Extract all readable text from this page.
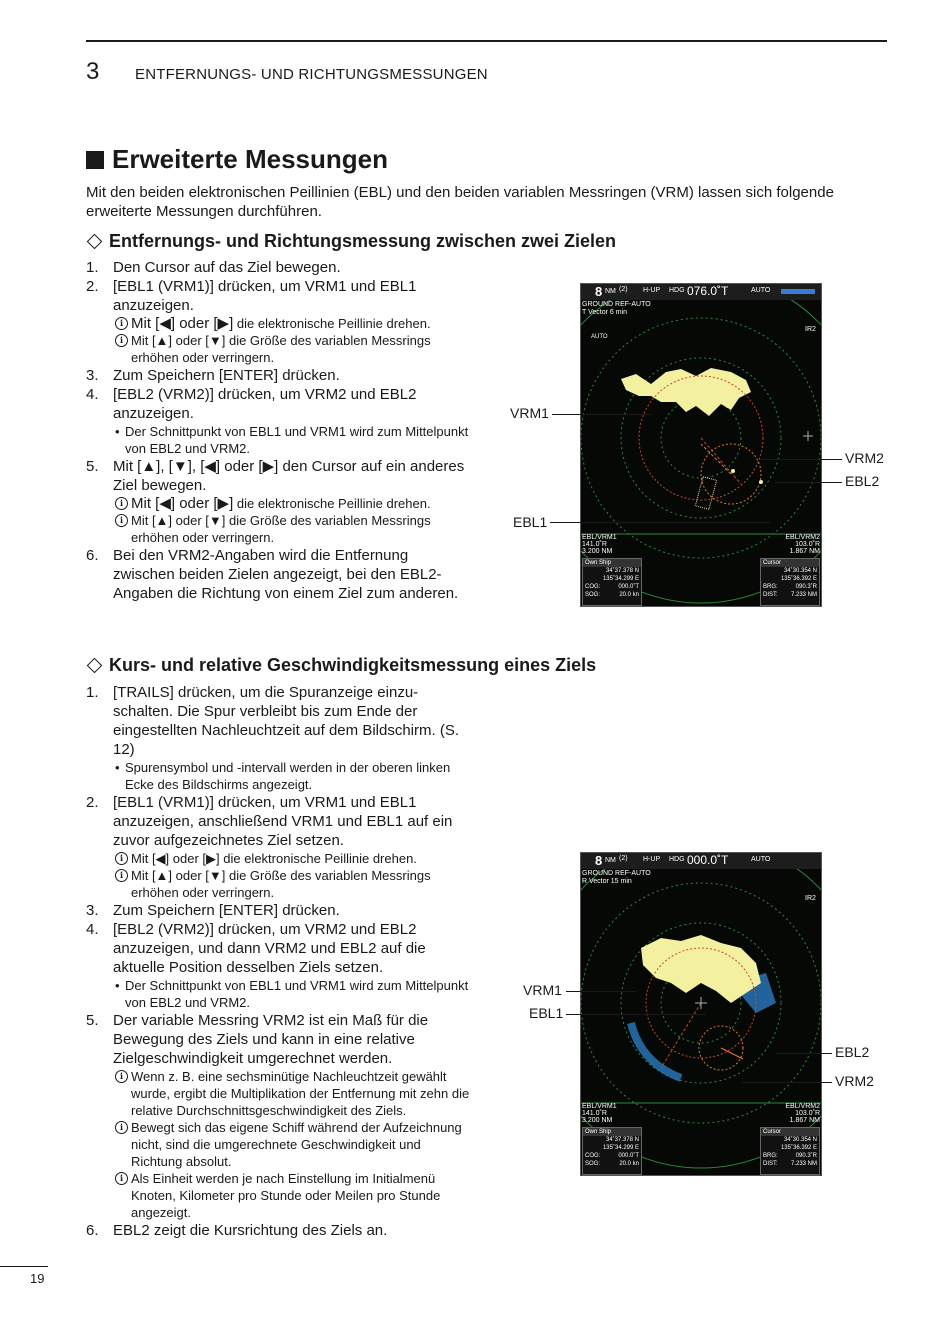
3 ENTFERNUNGS- UND RICHTUNGSMESSUNGEN
Erweiterte Messungen
Mit den beiden elektronischen Peillinien (EBL) und den beiden variablen Messringen (VRM) lassen sich folgende erweiterte Messungen durchführen.
Entfernungs- und Richtungsmessung zwischen zwei Zielen
1. Den Cursor auf das Ziel bewegen.
2. [EBL1 (VRM1)] drücken, um VRM1 und EBL1 anzuzeigen.
i Mit [◀] oder [▶] die elektronische Peillinie drehen.
i Mit [▲] oder [▼] die Größe des variablen Messrings erhöhen oder verringern.
3. Zum Speichern [ENTER] drücken.
4. [EBL2 (VRM2)] drücken, um VRM2 und EBL2 anzuzeigen.
• Der Schnittpunkt von EBL1 und VRM1 wird zum Mittelpunkt von EBL2 und VRM2.
5. Mit [▲], [▼], [◀] oder [▶] den Cursor auf ein anderes Ziel bewegen.
i Mit [◀] oder [▶] die elektronische Peillinie drehen.
i Mit [▲] oder [▼] die Größe des variablen Messrings erhöhen oder verringern.
6. Bei den VRM2-Angaben wird die Entfernung zwischen beiden Zielen angezeigt, bei den EBL2-Angaben die Richtung von einem Ziel zum anderen.
8 NM (2) H-UP HDG 076.0˚T	AUTO
GROUND REF-AUTO
T Vector 6 min
IR2
AUTO
EBL/VRM1
141.0˚R
3.200 NM
EBL/VRM2
103.0˚R
1.867 NM
Own Ship
34˚37.378 N
135˚34.299 E
COG:	000.0˚T
SOG:	20.0 kn
Cursor
34˚30.354 N
135˚36.392 E
BRG:	090.3˚R
DIST: 7.233 NM
VRM1
EBL1
VRM2
EBL2
Kurs- und relative Geschwindigkeitsmessung eines Ziels
1. [TRAILS] drücken, um die Spuranzeige einzuschalten. Die Spur verbleibt bis zum Ende der eingestellten Nachleuchtzeit auf dem Bildschirm. (S. 12)
• Spurensymbol und -intervall werden in der oberen linken Ecke des Bildschirms angezeigt.
2. [EBL1 (VRM1)] drücken, um VRM1 und EBL1 anzuzeigen, anschließend VRM1 und EBL1 auf ein zuvor aufgezeichnetes Ziel setzen.
i Mit [◀] oder [▶] die elektronische Peillinie drehen.
i Mit [▲] oder [▼] die Größe des variablen Messrings erhöhen oder verringern.
3. Zum Speichern [ENTER] drücken.
4. [EBL2 (VRM2)] drücken, um VRM2 und EBL2 anzuzeigen, und dann VRM2 und EBL2 auf die aktuelle Position desselben Ziels setzen.
• Der Schnittpunkt von EBL1 und VRM1 wird zum Mittelpunkt von EBL2 und VRM2.
5. Der variable Messring VRM2 ist ein Maß für die Bewegung des Ziels und kann in eine relative Zielgeschwindigkeit umgerechnet werden.
i Wenn z. B. eine sechsminütige Nachleuchtzeit gewählt wurde, ergibt die Multiplikation der Entfernung mit zehn die relative Durchschnittsgeschwindigkeit des Ziels.
i Bewegt sich das eigene Schiff während der Aufzeichnung nicht, sind die umgerechnete Geschwindigkeit und Richtung absolut.
i Als Einheit werden je nach Einstellung im Initialmenü Knoten, Kilometer pro Stunde oder Meilen pro Stunde angezeigt.
6. EBL2 zeigt die Kursrichtung des Ziels an.
8 NM (2) H-UP HDG 000.0˚T	AUTO
GROUND REF-AUTO
R Vector 15 min
IR2
EBL/VRM1
141.0˚R
3.200 NM
EBL/VRM2
103.0˚R
1.867 NM
Own Ship
34˚37.378 N
135˚34.299 E
COG:	000.0˚T
SOG:	20.0 kn
Cursor
34˚30.354 N
135˚36.392 E
BRG:	090.3˚R
DIST: 7.233 NM
VRM1
EBL1
EBL2
VRM2
19
